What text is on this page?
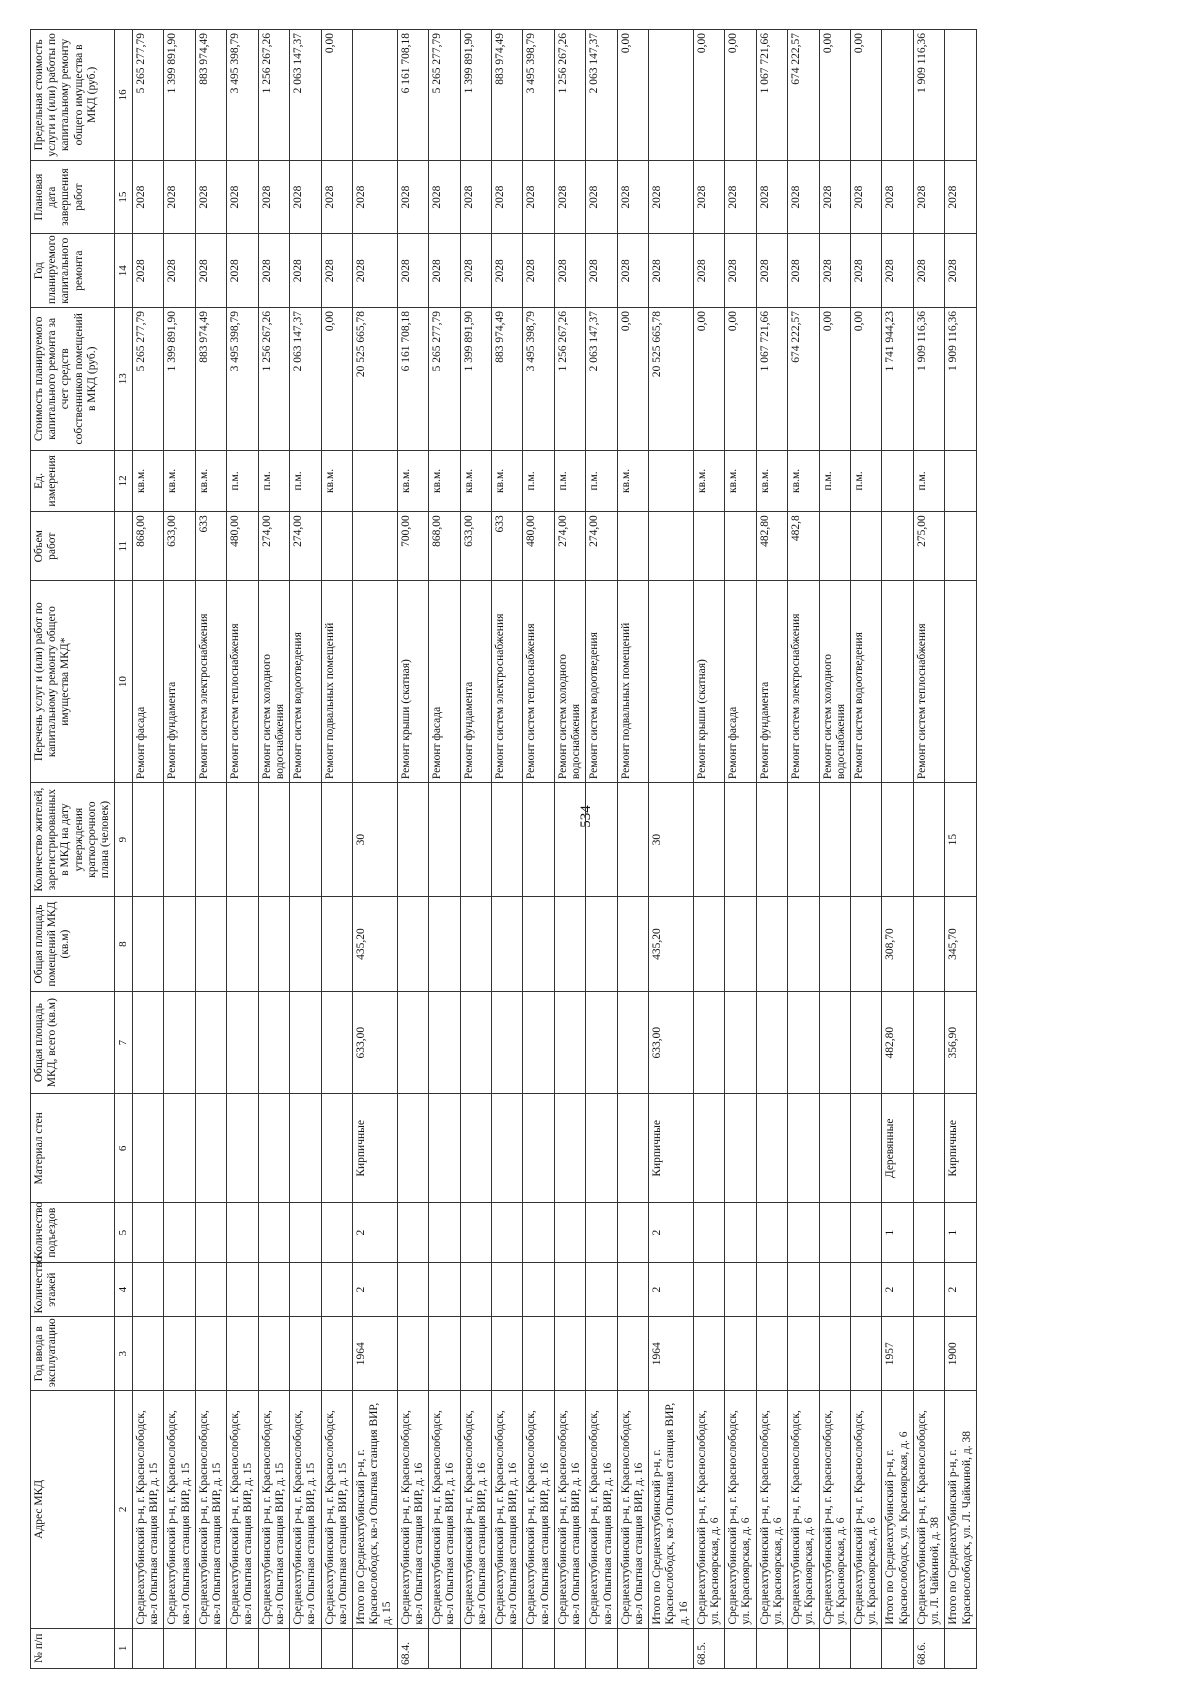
534
№ п/п	Адрес МКД	Год ввода в эксплуатацию	Количество этажей	Количество подъездов	Материал стен	Общая площадь МКД, всего (кв.м)	Общая площадь помещений МКД (кв.м)	Количество жителей, зарегистрированных в МКД на дату утверждения краткосрочного плана (человек)	Перечень услуг и (или) работ по капитальному ремонту общего имущества МКД*	Объем работ	Ед. измерения	Стоимость планируемого капитального ремонта за счет средств собственников помещений в МКД (руб.)	Год планируемого капитального ремонта	Плановая дата завершения работ	Предельная стоимость услуги и (или) работы по капитальному ремонту общего имущества в МКД (руб.)
1	2	3	4	5	6	7	8	9	10	11	12	13	14	15	16
	Среднеахтубинский р-н, г. Краснослободск, кв-л Опытная станция ВИР, д. 15								Ремонт фасада	868,00	кв.м.	5 265 277,79	2028	2028	5 265 277,79
	Среднеахтубинский р-н, г. Краснослободск, кв-л Опытная станция ВИР, д. 15								Ремонт фундамента	633,00	кв.м.	1 399 891,90	2028	2028	1 399 891,90
	Среднеахтубинский р-н, г. Краснослободск, кв-л Опытная станция ВИР, д. 15								Ремонт систем электроснабжения	633	кв.м.	883 974,49	2028	2028	883 974,49
	Среднеахтубинский р-н, г. Краснослободск, кв-л Опытная станция ВИР, д. 15								Ремонт систем теплоснабжения	480,00	п.м.	3 495 398,79	2028	2028	3 495 398,79
	Среднеахтубинский р-н, г. Краснослободск, кв-л Опытная станция ВИР, д. 15								Ремонт систем холодного водоснабжения	274,00	п.м.	1 256 267,26	2028	2028	1 256 267,26
	Среднеахтубинский р-н, г. Краснослободск, кв-л Опытная станция ВИР, д. 15								Ремонт систем водоотведения	274,00	п.м.	2 063 147,37	2028	2028	2 063 147,37
	Среднеахтубинский р-н, г. Краснослободск, кв-л Опытная станция ВИР, д. 15								Ремонт подвальных помещений		кв.м.	0,00	2028	2028	0,00
	Итого по Среднеахтубинский р-н, г. Краснослободск, кв-л Опытная станция ВИР, д. 15	1964	2	2	Кирпичные	633,00	435,20	30				20 525 665,78	2028	2028	
68.4.	Среднеахтубинский р-н, г. Краснослободск, кв-л Опытная станция ВИР, д. 16								Ремонт крыши (скатная)	700,00	кв.м.	6 161 708,18	2028	2028	6 161 708,18
	Среднеахтубинский р-н, г. Краснослободск, кв-л Опытная станция ВИР, д. 16								Ремонт фасада	868,00	кв.м.	5 265 277,79	2028	2028	5 265 277,79
	Среднеахтубинский р-н, г. Краснослободск, кв-л Опытная станция ВИР, д. 16								Ремонт фундамента	633,00	кв.м.	1 399 891,90	2028	2028	1 399 891,90
	Среднеахтубинский р-н, г. Краснослободск, кв-л Опытная станция ВИР, д. 16								Ремонт систем электроснабжения	633	кв.м.	883 974,49	2028	2028	883 974,49
	Среднеахтубинский р-н, г. Краснослободск, кв-л Опытная станция ВИР, д. 16								Ремонт систем теплоснабжения	480,00	п.м.	3 495 398,79	2028	2028	3 495 398,79
	Среднеахтубинский р-н, г. Краснослободск, кв-л Опытная станция ВИР, д. 16								Ремонт систем холодного водоснабжения	274,00	п.м.	1 256 267,26	2028	2028	1 256 267,26
	Среднеахтубинский р-н, г. Краснослободск, кв-л Опытная станция ВИР, д. 16								Ремонт систем водоотведения	274,00	п.м.	2 063 147,37	2028	2028	2 063 147,37
	Среднеахтубинский р-н, г. Краснослободск, кв-л Опытная станция ВИР, д. 16								Ремонт подвальных помещений		кв.м.	0,00	2028	2028	0,00
	Итого по Среднеахтубинский р-н, г. Краснослободск, кв-л Опытная станция ВИР, д. 16	1964	2	2	Кирпичные	633,00	435,20	30				20 525 665,78	2028	2028	
68.5.	Среднеахтубинский р-н, г. Краснослободск, ул. Красноярская, д. 6								Ремонт крыши (скатная)		кв.м.	0,00	2028	2028	0,00
	Среднеахтубинский р-н, г. Краснослободск, ул. Красноярская, д. 6								Ремонт фасада		кв.м.	0,00	2028	2028	0,00
	Среднеахтубинский р-н, г. Краснослободск, ул. Красноярская, д. 6								Ремонт фундамента	482,80	кв.м.	1 067 721,66	2028	2028	1 067 721,66
	Среднеахтубинский р-н, г. Краснослободск, ул. Красноярская, д. 6								Ремонт систем электроснабжения	482,8	кв.м.	674 222,57	2028	2028	674 222,57
	Среднеахтубинский р-н, г. Краснослободск, ул. Красноярская, д. 6								Ремонт систем холодного водоснабжения		п.м.	0,00	2028	2028	0,00
	Среднеахтубинский р-н, г. Краснослободск, ул. Красноярская, д. 6								Ремонт систем водоотведения		п.м.	0,00	2028	2028	0,00
	Итого по Среднеахтубинский р-н, г. Краснослободск, ул. Красноярская, д. 6	1957	2	1	Деревянные	482,80	308,70					1 741 944,23	2028	2028	
68.6.	Среднеахтубинский р-н, г. Краснослободск, ул. Л. Чайкиной, д. 38								Ремонт систем теплоснабжения	275,00	п.м.	1 909 116,36	2028	2028	1 909 116,36
	Итого по Среднеахтубинский р-н, г. Краснослободск, ул. Л. Чайкиной, д. 38	1900	2	1	Кирпичные	356,90	345,70	15				1 909 116,36	2028	2028	
